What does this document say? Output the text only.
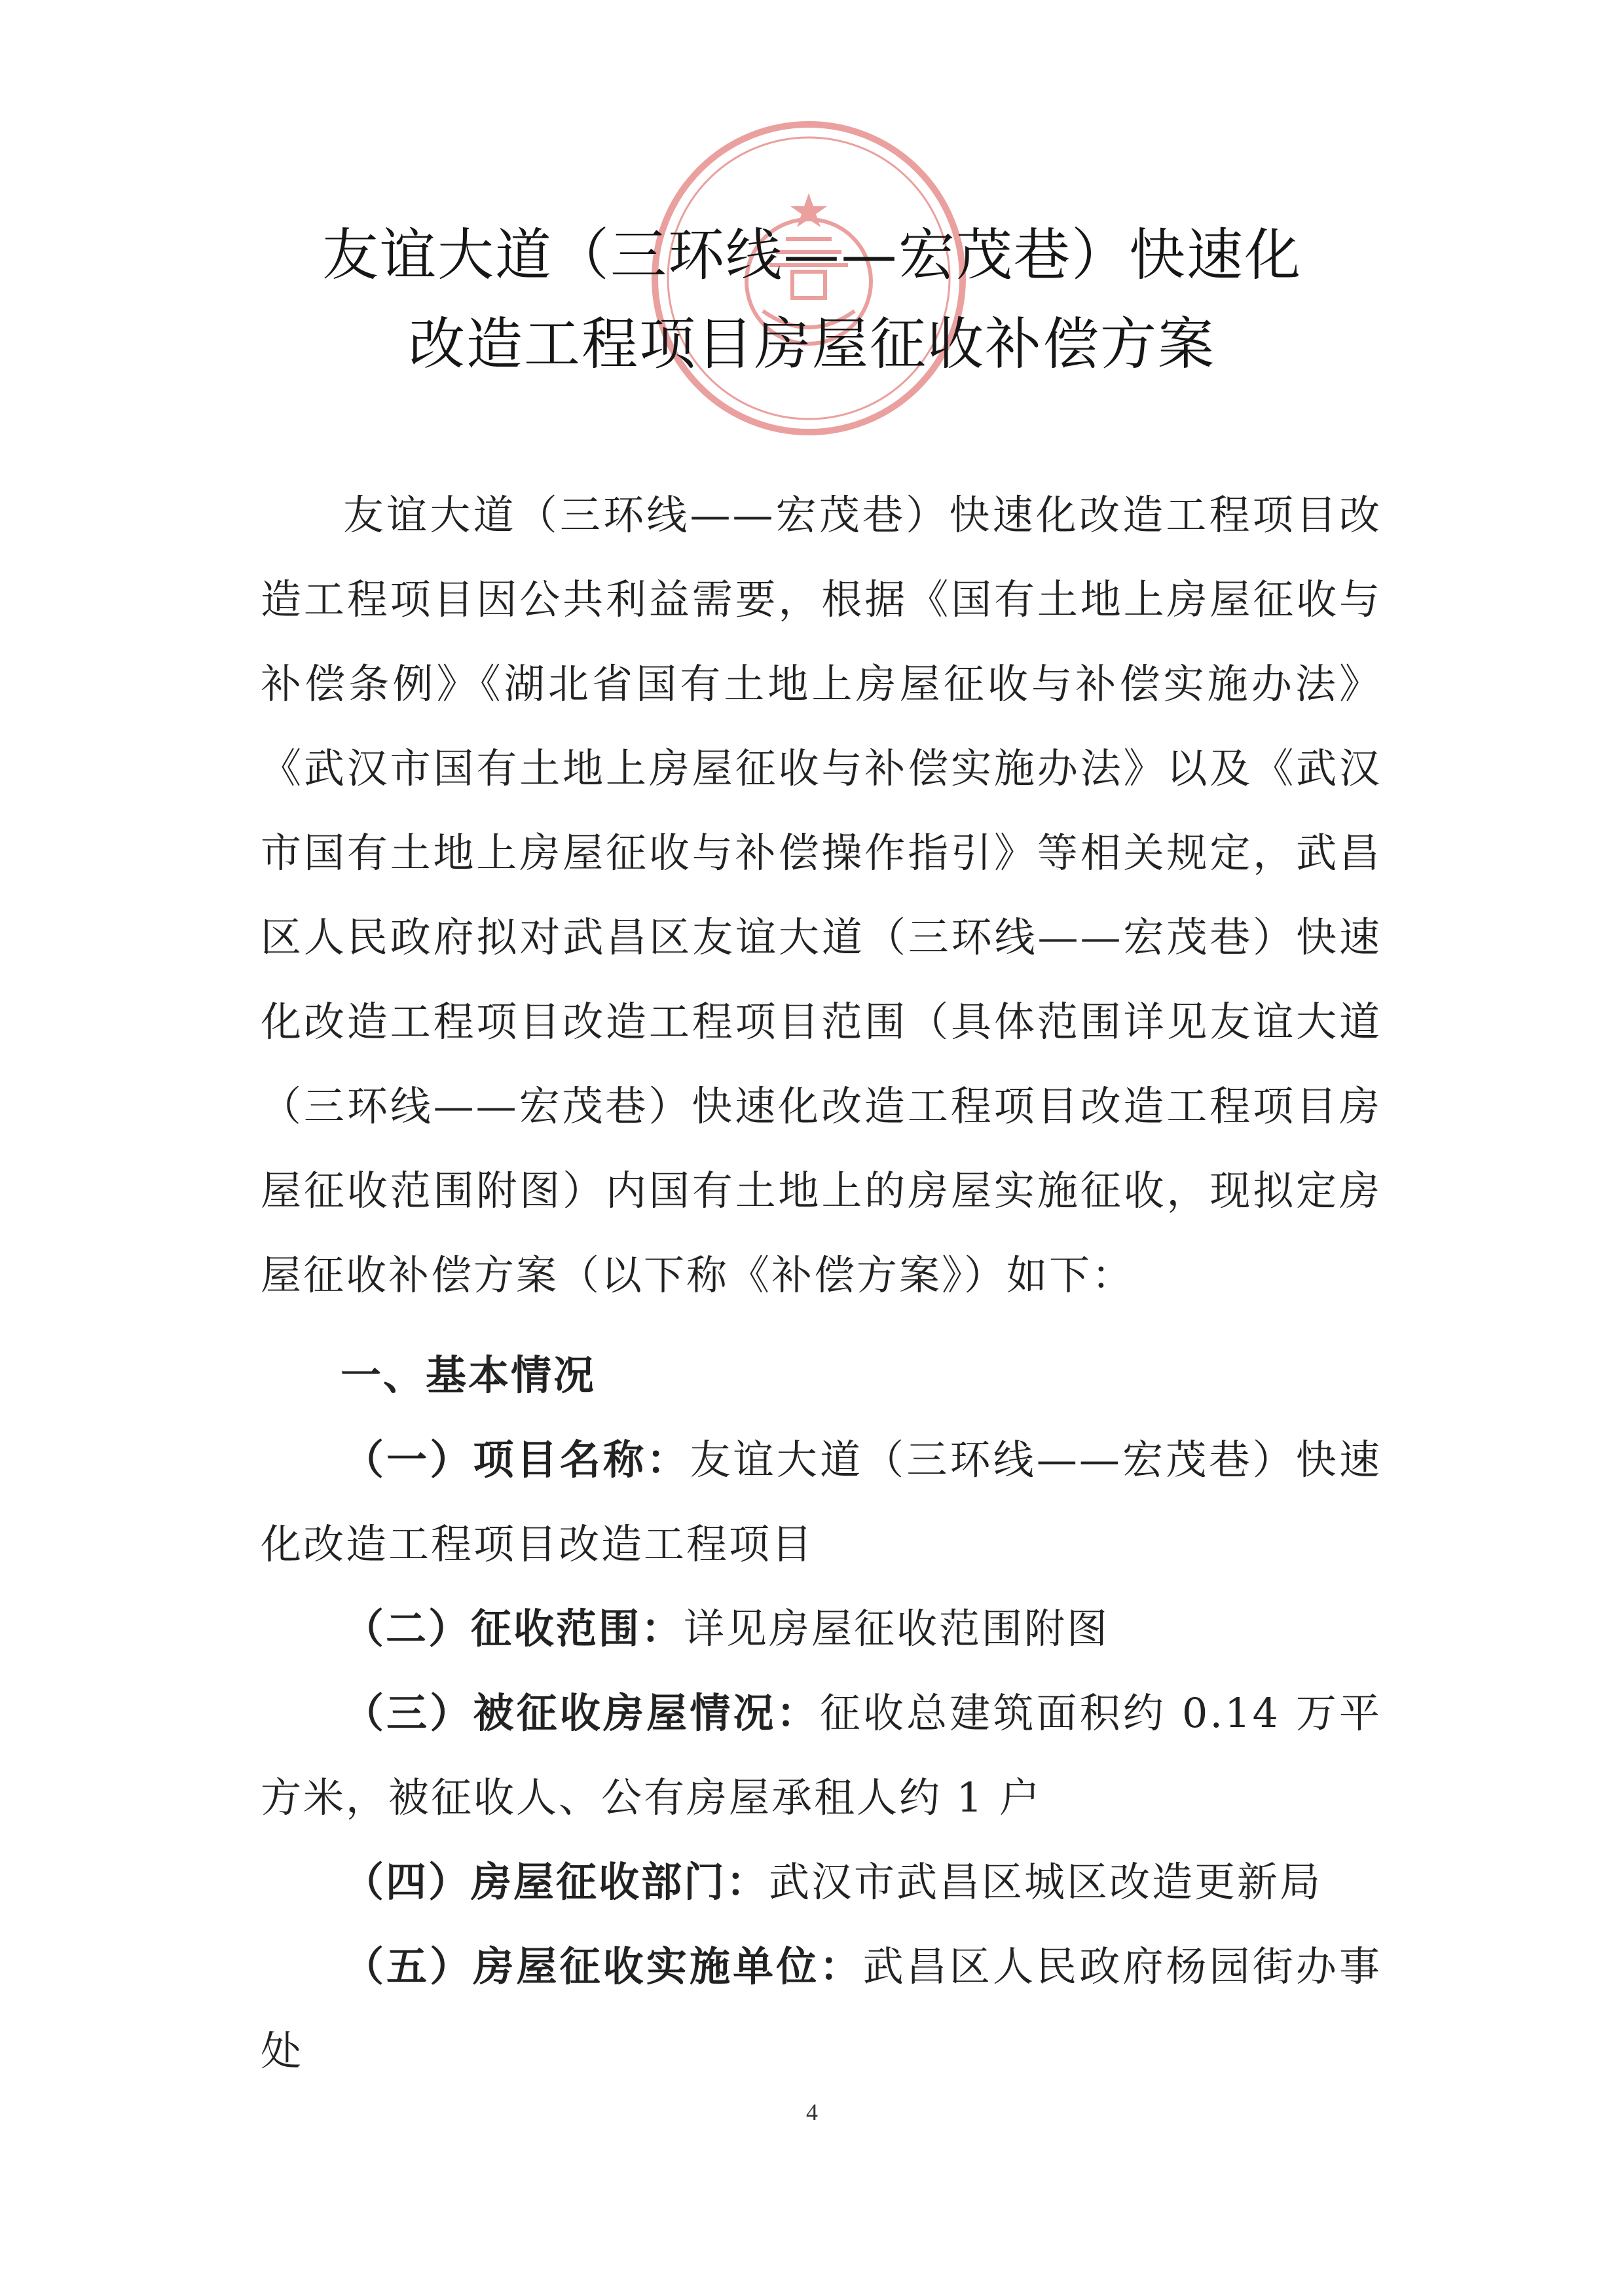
友谊大道（三环线——宏茂巷）快速化
改造工程项目房屋征收补偿方案
友谊大道（三环线——宏茂巷）快速化改造工程项目改造工程项目因公共利益需要，根据《国有土地上房屋征收与补偿条例》《湖北省国有土地上房屋征收与补偿实施办法》《武汉市国有土地上房屋征收与补偿实施办法》以及《武汉市国有土地上房屋征收与补偿操作指引》等相关规定，武昌区人民政府拟对武昌区友谊大道（三环线——宏茂巷）快速化改造工程项目改造工程项目范围（具体范围详见友谊大道（三环线——宏茂巷）快速化改造工程项目改造工程项目房屋征收范围附图）内国有土地上的房屋实施征收，现拟定房屋征收补偿方案（以下称《补偿方案》）如下：
一、基本情况
（一）项目名称：友谊大道（三环线——宏茂巷）快速化改造工程项目改造工程项目
（二）征收范围：详见房屋征收范围附图
（三）被征收房屋情况：征收总建筑面积约 0.14 万平方米，被征收人、公有房屋承租人约 1 户
（四）房屋征收部门：武汉市武昌区城区改造更新局
（五）房屋征收实施单位：武昌区人民政府杨园街办事处
4
